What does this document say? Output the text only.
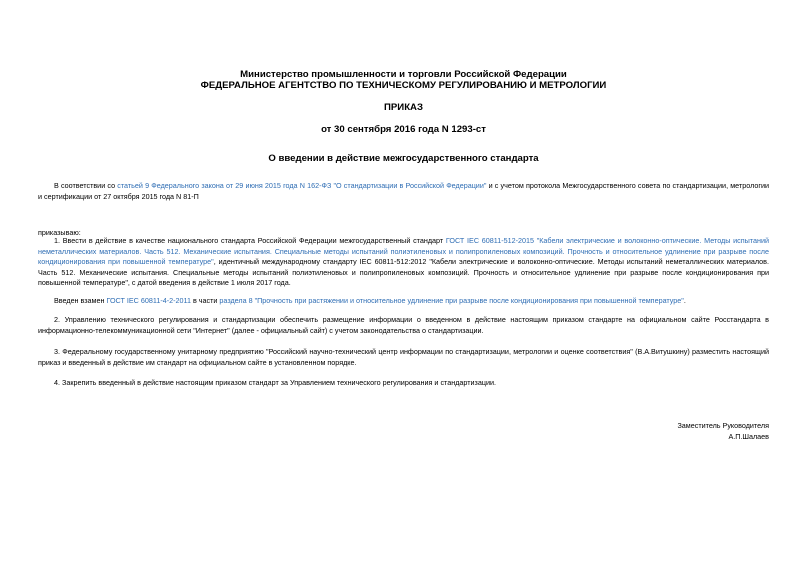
Министерство промышленности и торговли Российской Федерации
ФЕДЕРАЛЬНОЕ АГЕНТСТВО ПО ТЕХНИЧЕСКОМУ РЕГУЛИРОВАНИЮ И МЕТРОЛОГИИ
ПРИКАЗ
от 30 сентября 2016 года N 1293-ст
О введении в действие межгосударственного стандарта
В соответствии со статьей 9 Федерального закона от 29 июня 2015 года N 162-ФЗ "О стандартизации в Российской Федерации" и с учетом протокола Межгосударственного совета по стандартизации, метрологии и сертификации от 27 октября 2015 года N 81-П
приказываю:
1. Ввести в действие в качестве национального стандарта Российской Федерации межгосударственный стандарт ГОСТ IEC 60811-512-2015 "Кабели электрические и волоконно-оптические. Методы испытаний неметаллических материалов. Часть 512. Механические испытания. Специальные методы испытаний полиэтиленовых и полипропиленовых композиций. Прочность и относительное удлинение при разрыве после кондиционирования при повышенной температуре", идентичный международному стандарту IEC 60811-512:2012 "Кабели электрические и волоконно-оптические. Методы испытаний неметаллических материалов. Часть 512. Механические испытания. Специальные методы испытаний полиэтиленовых и полипропиленовых композиций. Прочность и относительное удлинение при разрыве после кондиционирования при повышенной температуре", с датой введения в действие 1 июля 2017 года.
Введен взамен ГОСТ IEC 60811-4-2-2011 в части раздела 8 "Прочность при растяжении и относительное удлинение при разрыве после кондиционирования при повышенной температуре".
2. Управлению технического регулирования и стандартизации обеспечить размещение информации о введенном в действие настоящим приказом стандарте на официальном сайте Росстандарта в информационно-телекоммуникационной сети "Интернет" (далее - официальный сайт) с учетом законодательства о стандартизации.
3. Федеральному государственному унитарному предприятию "Российский научно-технический центр информации по стандартизации, метрологии и оценке соответствия" (В.А.Витушкину) разместить настоящий приказ и введенный в действие им стандарт на официальном сайте в установленном порядке.
4. Закрепить введенный в действие настоящим приказом стандарт за Управлением технического регулирования и стандартизации.
Заместитель Руководителя
А.П.Шалаев
